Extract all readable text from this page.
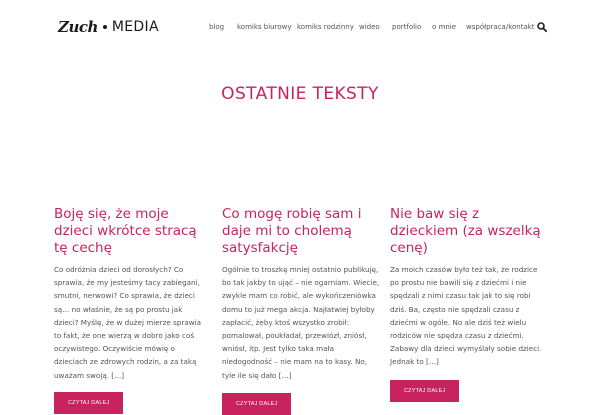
Zuch MEDIA	blog komiks biurowy komiks rodzinny wideo portfolio o mnie współpraca/kontakt
OSTATNIE TEKSTY
Boję się, że moje dzieci wkrótce stracą tę cechę

Co odróżnia dzieci od dorosłych? Co sprawia, że my jesteśmy tacy zabiegani, smutni, nerwowi? Co sprawia, że dzieci są… no właśnie, że są po prostu jak dzieci? Myślę, że w dużej mierze sprawia to fakt, że one wierzą w dobro jako coś oczywistego. Oczywiście mówię o dzieciach ze zdrowych rodzin, a za taką uważam swoją. […]

CZYTAJ DALEJ
Co mogę robię sam i daje mi to cholemą satysfakcję

Ogólnie to troszkę mniej ostatnio publikuję, bo tak jakby to ująć – nie ogarniam. Wiecie, zwykle mam co robić, ale wykończeniówka domu to już mega akcja. Najłatwiej byłoby zapłacić, żeby ktoś wszystko zrobił: pomalował, poukładał, przewiózł, zniósł, wniósł, itp. Jest tylko taka mała niedogodność – nie mam na to kasy. No, tyle ile się dało […]

CZYTAJ DALEJ
Nie baw się z dzieckiem (za wszelką cenę)

Za moich czasów było też tak, że rodzice po prostu nie bawili się z dziećmi i nie spędzali z nimi czasu tak jak to się robi dziś. Ba, często nie spędzali czasu z dziećmi w ogóle. No ale dziś też wielu rodziców nie spędza czasu z dziećmi. Zabawy dla dzieci wymyślały sobie dzieci. Jednak to […]

CZYTAJ DALEJ
